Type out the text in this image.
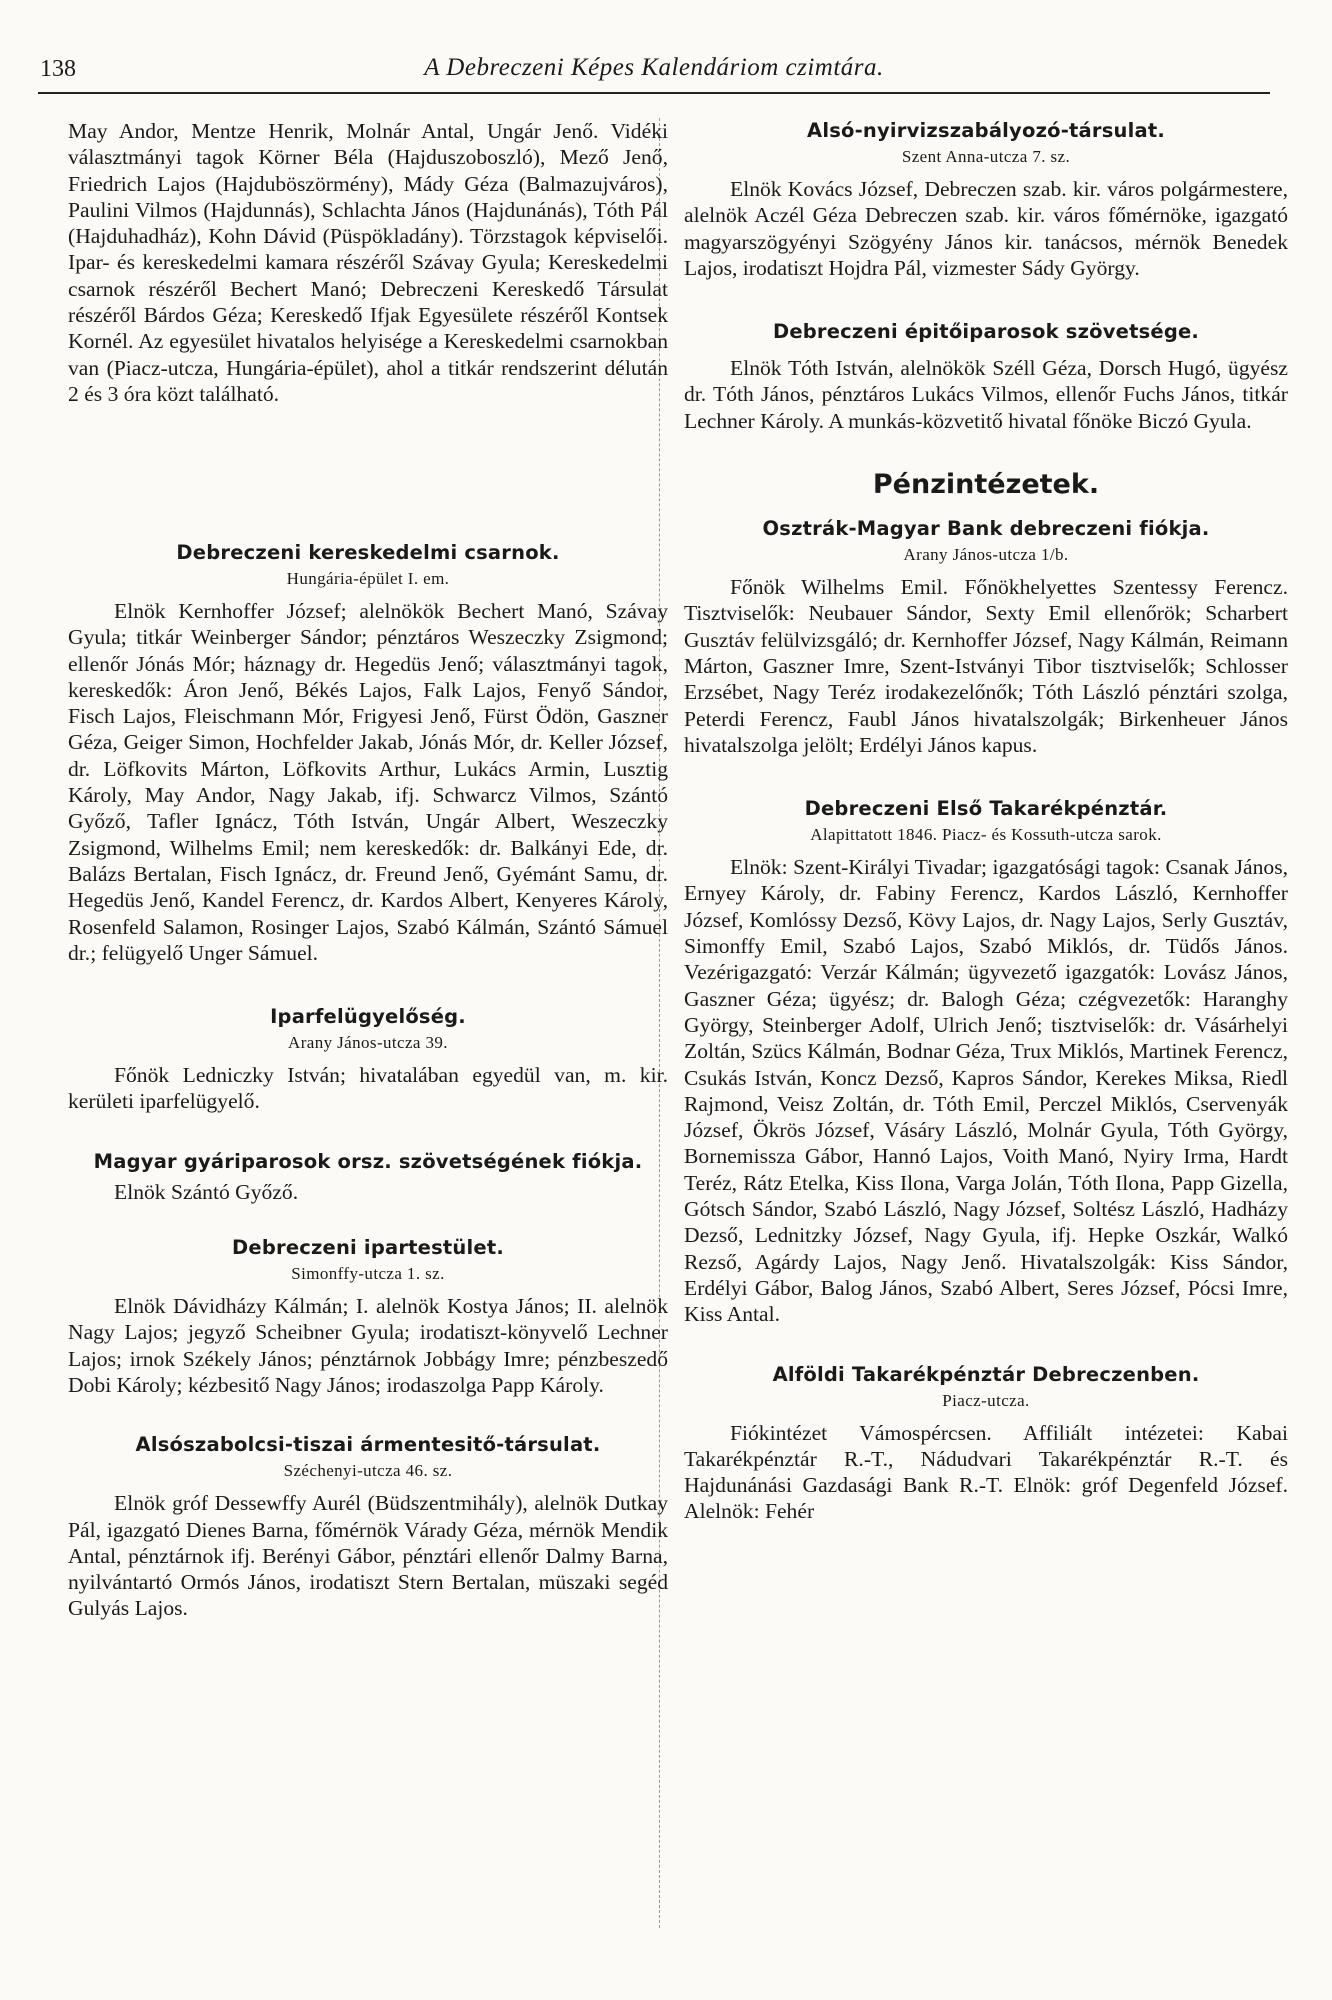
138	A Debreczeni Képes Kalendáriom czimtára.

May Andor, Mentze Henrik, Molnár Antal, Ungár Jenő. Vidéki választmányi tagok Körner Béla (Hajduszoboszló), Mező Jenő, Friedrich Lajos (Hajduböszörmény), Mády Géza (Balmazujváros), Paulini Vilmos (Hajdunnás), Schlachta János (Hajdunánás), Tóth Pál (Hajduhadház), Kohn Dávid (Püspökladány). Törzstagok képviselői. Ipar- és kereskedelmi kamara részéről Szávay Gyula; Kereskedelmi csarnok részéről Bechert Manó; Debreczeni Kereskedő Társulat részéről Bárdos Géza; Kereskedő Ifjak Egyesülete részéről Kontsek Kornél. Az egyesület hivatalos helyisége a Kereskedelmi csarnokban van (Piacz-utcza, Hungária-épület), ahol a titkár rendszerint délután 2 és 3 óra közt található.

Debreczeni kereskedelmi csarnok.

Hungária-épület I. em.

Elnök Kernhoffer József; alelnökök Bechert Manó, Szávay Gyula; titkár Weinberger Sándor; pénztáros Weszeczky Zsigmond; ellenőr Jónás Mór; háznagy dr. Hegedüs Jenő; választmányi tagok, kereskedők: Áron Jenő, Békés Lajos, Falk Lajos, Fenyő Sándor, Fisch Lajos, Fleischmann Mór, Frigyesi Jenő, Fürst Ödön, Gaszner Géza, Geiger Simon, Hochfelder Jakab, Jónás Mór, dr. Keller József, dr. Löfkovits Márton, Löfkovits Arthur, Lukács Armin, Lusztig Károly, May Andor, Nagy Jakab, ifj. Schwarcz Vilmos, Szántó Győző, Tafler Ignácz, Tóth István, Ungár Albert, Weszeczky Zsigmond, Wilhelms Emil; nem kereskedők: dr. Balkányi Ede, dr. Balázs Bertalan, Fisch Ignácz, dr. Freund Jenő, Gyémánt Samu, dr. Hegedüs Jenő, Kandel Ferencz, dr. Kardos Albert, Kenyeres Károly, Rosenfeld Salamon, Rosinger Lajos, Szabó Kálmán, Szántó Sámuel dr.; felügyelő Unger Sámuel.

Iparfelügyelőség.

Arany János-utcza 39.

Főnök Ledniczky István; hivatalában egyedül van, m. kir. kerületi iparfelügyelő.

Magyar gyáriparosok orsz. szövetségének fiókja.

Elnök Szántó Győző.

Debreczeni ipartestület.

Simonffy-utcza 1. sz.

Elnök Dávidházy Kálmán; I. alelnök Kostya János; II. alelnök Nagy Lajos; jegyző Scheibner Gyula; irodatiszt-könyvelő Lechner Lajos; irnok Székely János; pénztárnok Jobbágy Imre; pénzbeszedő Dobi Károly; kézbesitő Nagy János; irodaszolga Papp Károly.

Alsószabolcsi-tiszai ármentesitő-társulat.

Széchenyi-utcza 46. sz.

Elnök gróf Dessewffy Aurél (Büdszentmihály), alelnök Dutkay Pál, igazgató Dienes Barna, főmérnök Várady Géza, mérnök Mendik Antal, pénztárnok ifj. Berényi Gábor, pénztári ellenőr Dalmy Barna, nyilvántartó Ormós János, irodatiszt Stern Bertalan, müszaki segéd Gulyás Lajos.

Alsó-nyirvizszabályozó-társulat.

Szent Anna-utcza 7. sz.

Elnök Kovács József, Debreczen szab. kir. város polgármestere, alelnök Aczél Géza Debreczen szab. kir. város főmérnöke, igazgató magyarszögyényi Szögyény János kir. tanácsos, mérnök Benedek Lajos, irodatiszt Hojdra Pál, vizmester Sády György.

Debreczeni épitőiparosok szövetsége.

Elnök Tóth István, alelnökök Széll Géza, Dorsch Hugó, ügyész dr. Tóth János, pénztáros Lukács Vilmos, ellenőr Fuchs János, titkár Lechner Károly. A munkás-közvetitő hivatal főnöke Biczó Gyula.

Pénzintézetek.
Osztrák-Magyar Bank debreczeni fiókja.

Arany János-utcza 1/b.

Főnök Wilhelms Emil. Főnökhelyettes Szentessy Ferencz. Tisztviselők: Neubauer Sándor, Sexty Emil ellenőrök; Scharbert Gusztáv felülvizsgáló; dr. Kernhoffer József, Nagy Kálmán, Reimann Márton, Gaszner Imre, Szent-Istványi Tibor tisztviselők; Schlosser Erzsébet, Nagy Teréz irodakezelőnők; Tóth László pénztári szolga, Peterdi Ferencz, Faubl János hivatalszolgák; Birkenheuer János hivatalszolga jelölt; Erdélyi János kapus.

Debreczeni Első Takarékpénztár.

Alapittatott 1846. Piacz- és Kossuth-utcza sarok.

Elnök: Szent-Királyi Tivadar; igazgatósági tagok: Csanak János, Ernyey Károly, dr. Fabiny Ferencz, Kardos László, Kernhoffer József, Komlóssy Dezső, Kövy Lajos, dr. Nagy Lajos, Serly Gusztáv, Simonffy Emil, Szabó Lajos, Szabó Miklós, dr. Tüdős János. Vezérigazgató: Verzár Kálmán; ügyvezető igazgatók: Lovász János, Gaszner Géza; ügyész; dr. Balogh Géza; czégvezetők: Haranghy György, Steinberger Adolf, Ulrich Jenő; tisztviselők: dr. Vásárhelyi Zoltán, Szücs Kálmán, Bodnar Géza, Trux Miklós, Martinek Ferencz, Csukás István, Koncz Dezső, Kapros Sándor, Kerekes Miksa, Riedl Rajmond, Veisz Zoltán, dr. Tóth Emil, Perczel Miklós, Cservenyák József, Ökrös József, Vásáry László, Molnár Gyula, Tóth György, Bornemissza Gábor, Hannó Lajos, Voith Manó, Nyiry Irma, Hardt Teréz, Rátz Etelka, Kiss Ilona, Varga Jolán, Tóth Ilona, Papp Gizella, Gótsch Sándor, Szabó László, Nagy József, Soltész László, Hadházy Dezső, Lednitzky József, Nagy Gyula, ifj. Hepke Oszkár, Walkó Rezső, Agárdy Lajos, Nagy Jenő. Hivatalszolgák: Kiss Sándor, Erdélyi Gábor, Balog János, Szabó Albert, Seres József, Pócsi Imre, Kiss Antal.

Alföldi Takarékpénztár Debreczenben.

Piacz-utcza.

Fiókintézet Vámospércsen. Affiliált intézetei: Kabai Takarékpénztár R.-T., Nádudvari Takarékpénztár R.-T. és Hajdunánási Gazdasági Bank R.-T. Elnök: gróf Degenfeld József. Alelnök: Fehér
